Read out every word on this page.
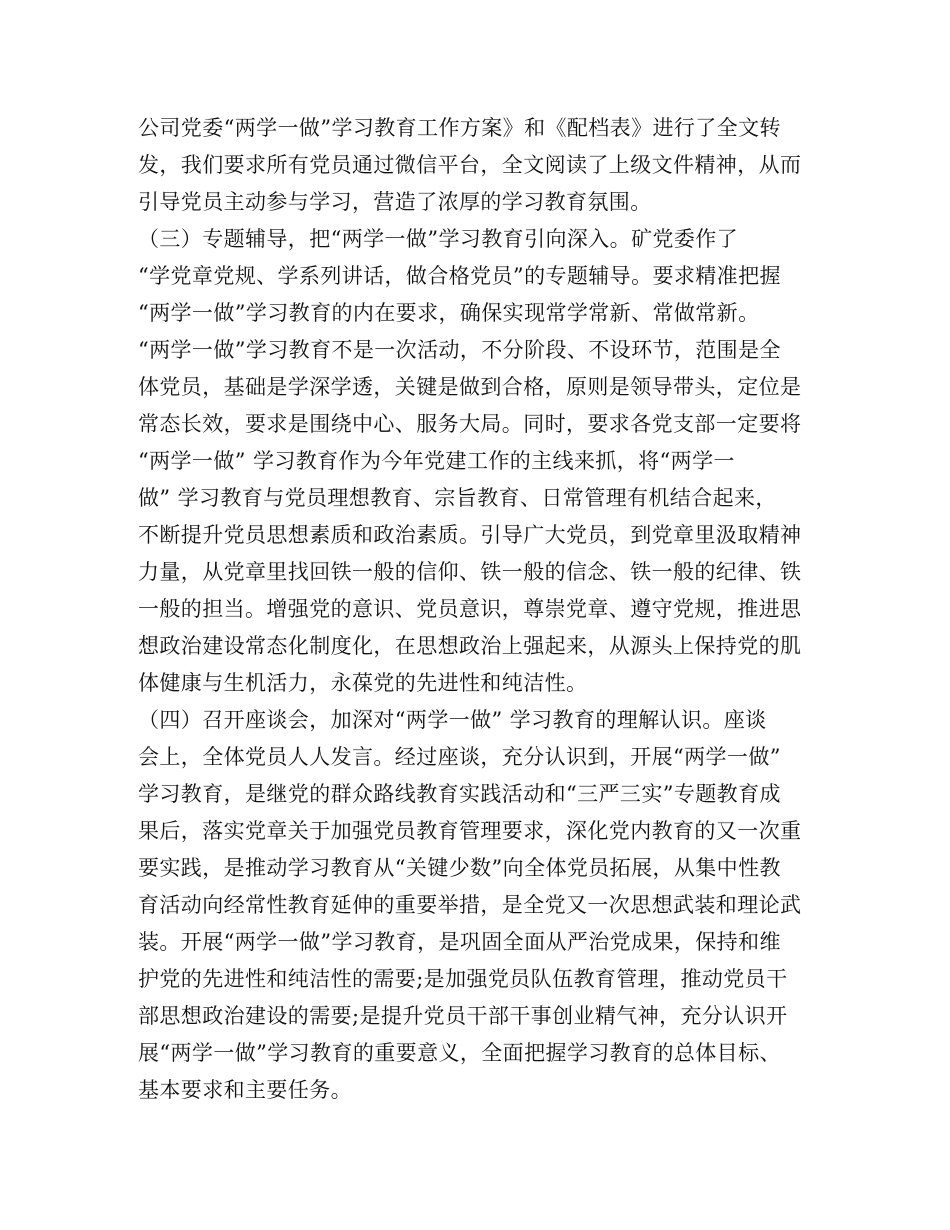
公司党委“两学一做”学习教育工作方案》和《配档表》进行了全文转
发，我们要求所有党员通过微信平台，全文阅读了上级文件精神，从而
引导党员主动参与学习，营造了浓厚的学习教育氛围。
（三）专题辅导，把“两学一做”学习教育引向深入。矿党委作了
“学党章党规、学系列讲话，做合格党员”的专题辅导。要求精准把握
“两学一做”学习教育的内在要求，确保实现常学常新、常做常新。
“两学一做”学习教育不是一次活动，不分阶段、不设环节，范围是全
体党员，基础是学深学透，关键是做到合格，原则是领导带头，定位是
常态长效，要求是围绕中心、服务大局。同时，要求各党支部一定要将
“两学一做” 学习教育作为今年党建工作的主线来抓，将“两学一
做” 学习教育与党员理想教育、宗旨教育、日常管理有机结合起来，
不断提升党员思想素质和政治素质。引导广大党员，到党章里汲取精神
力量，从党章里找回铁一般的信仰、铁一般的信念、铁一般的纪律、铁
一般的担当。增强党的意识、党员意识，尊崇党章、遵守党规，推进思
想政治建设常态化制度化，在思想政治上强起来，从源头上保持党的肌
体健康与生机活力，永葆党的先进性和纯洁性。
（四）召开座谈会，加深对“两学一做” 学习教育的理解认识。座谈
会上，全体党员人人发言。经过座谈，充分认识到，开展“两学一做”
学习教育，是继党的群众路线教育实践活动和“三严三实”专题教育成
果后，落实党章关于加强党员教育管理要求，深化党内教育的又一次重
要实践，是推动学习教育从“关键少数”向全体党员拓展，从集中性教
育活动向经常性教育延伸的重要举措，是全党又一次思想武装和理论武
装。开展“两学一做”学习教育，是巩固全面从严治党成果，保持和维
护党的先进性和纯洁性的需要;是加强党员队伍教育管理，推动党员干
部思想政治建设的需要;是提升党员干部干事创业精气神，充分认识开
展“两学一做”学习教育的重要意义，全面把握学习教育的总体目标、
基本要求和主要任务。
